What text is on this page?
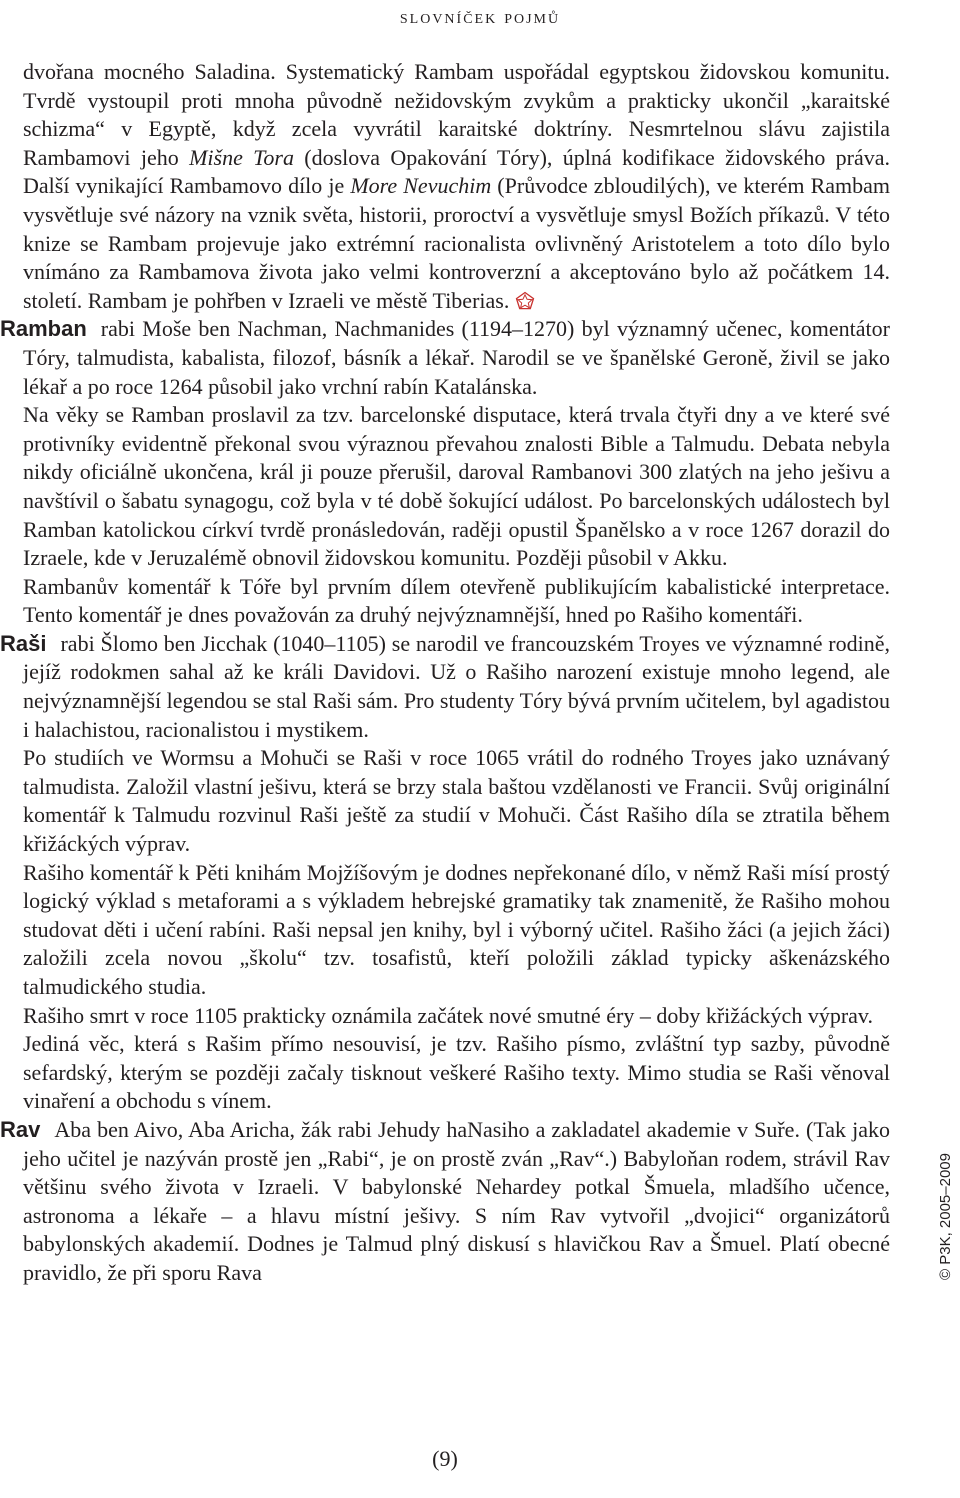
slovníček pojmů

dvořana mocného Saladina. Systematický Rambam uspořádal egyptskou židovskou komunitu. Tvrdě vystoupil proti mnoha původně nežidovským zvykům a prakticky ukončil „karaitské schizma“ v Egyptě, když zcela vyvrátil karaitské doktríny. Nesmrtelnou slávu zajistila Rambamovi jeho Mišne Tora (doslova Opakování Tóry), úplná kodifikace židovského práva. Další vynikající Rambamovo dílo je More Nevuchim (Průvodce zbloudilých), ve kterém Rambam vysvětluje své názory na vznik světa, historii, proroctví a vysvětluje smysl Božích příkazů. V této knize se Rambam projevuje jako extrémní racionalista ovlivněný Aristotelem a toto dílo bylo vnímáno za Rambamova života jako velmi kontroverzní a akceptováno bylo až počátkem 14. století. Rambam je pohřben v Izraeli ve městě Tiberias.

Ramban rabi Moše ben Nachman, Nachmanides (1194–1270) byl významný učenec, komentátor Tóry, talmudista, kabalista, filozof, básník a lékař. Narodil se ve španělské Geroně, živil se jako lékař a po roce 1264 působil jako vrchní rabín Katalánska.

Na věky se Ramban proslavil za tzv. barcelonské disputace, která trvala čtyři dny a ve které své protivníky evidentně překonal svou výraznou převahou znalosti Bible a Talmudu. Debata nebyla nikdy oficiálně ukončena, král ji pouze přerušil, daroval Rambanovi 300 zlatých na jeho ješivu a navštívil o šabatu synagogu, což byla v té době šokující událost. Po barcelonských událostech byl Ramban katolickou církví tvrdě pronásledován, raději opustil Španělsko a v roce 1267 dorazil do Izraele, kde v Jeruzalémě obnovil židovskou komunitu. Později působil v Akku.

Rambanův komentář k Tóře byl prvním dílem otevřeně publikujícím kabalistické interpretace. Tento komentář je dnes považován za druhý nejvýznamnější, hned po Rašiho komentáři.

Raši rabi Šlomo ben Jicchak (1040–1105) se narodil ve francouzském Troyes ve významné rodině, jejíž rodokmen sahal až ke králi Davidovi. Už o Rašiho narození existuje mnoho legend, ale nejvýznamnější legendou se stal Raši sám. Pro studenty Tóry bývá prvním učitelem, byl agadistou i halachistou, racionalistou i mystikem.

Po studiích ve Wormsu a Mohuči se Raši v roce 1065 vrátil do rodného Troyes jako uznávaný talmudista. Založil vlastní ješivu, která se brzy stala baštou vzdělanosti ve Francii. Svůj originální komentář k Talmudu rozvinul Raši ještě za studií v Mohuči. Část Rašiho díla se ztratila během křižáckých výprav.

Rašiho komentář k Pěti knihám Mojžíšovým je dodnes nepřekonané dílo, v němž Raši mísí prostý logický výklad s metaforami a s výkladem hebrejské gramatiky tak znamenitě, že Rašiho mohou studovat děti i učení rabíni. Raši nepsal jen knihy, byl i výborný učitel. Rašiho žáci (a jejich žáci) založili zcela novou „školu“ tzv. tosafistů, kteří položili základ typicky aškenázského talmudického studia.

Rašiho smrt v roce 1105 prakticky oznámila začátek nové smutné éry – doby křižáckých výprav.

Jediná věc, která s Rašim přímo nesouvisí, je tzv. Rašiho písmo, zvláštní typ sazby, původně sefardský, kterým se později začaly tisknout veškeré Rašiho texty. Mimo studia se Raši věnoval vinaření a obchodu s vínem.

Rav Aba ben Aivo, Aba Aricha, žák rabi Jehudy haNasiho a zakladatel akademie v Suře. (Tak jako jeho učitel je nazýván prostě jen „Rabi“, je on prostě zván „Rav“.) Babyloňan rodem, strávil Rav většinu svého života v Izraeli. V babylonské Nehardey potkal Šmuela, mladšího učence, astronoma a lékaře – a hlavu místní ješivy. S ním Rav vytvořil „dvojici“ organizátorů babylonských akademií. Dodnes je Talmud plný diskusí s hlavičkou Rav a Šmuel. Platí obecné pravidlo, že při sporu Rava	© P3K, 2005–2009
(9)
